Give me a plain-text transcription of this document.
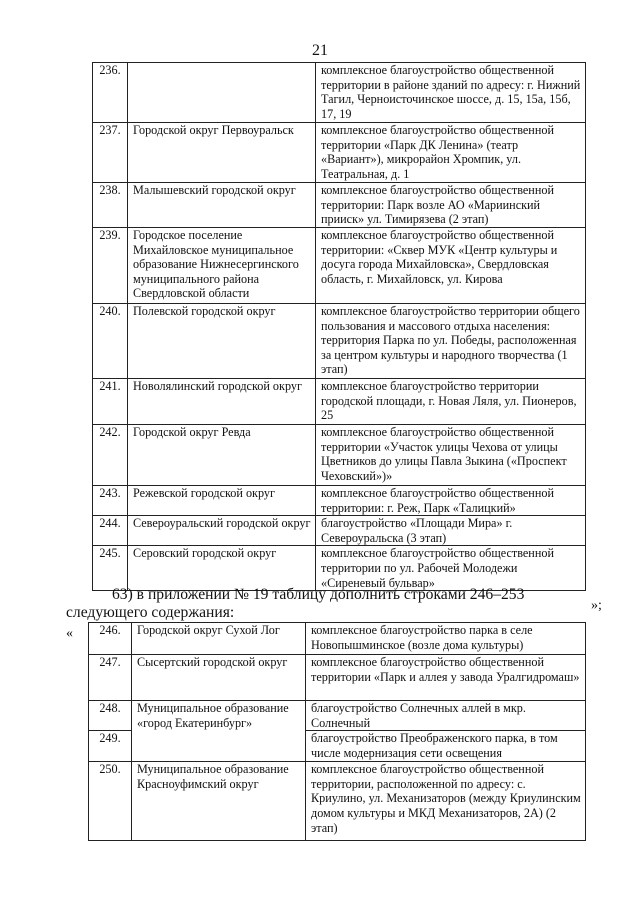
21
236.		комплексное благоустройство общественной территории в районе зданий по адресу: г. Нижний Тагил, Черноисточинское шоссе, д. 15, 15а, 15б, 17, 19
237.	Городской округ Первоуральск	комплексное благоустройство общественной территории «Парк ДК Ленина» (театр «Вариант»), микрорайон Хромпик, ул. Театральная, д. 1
238.	Малышевский городской округ	комплексное благоустройство общественной территории: Парк возле АО «Мариинский прииск» ул. Тимирязева (2 этап)
239.	Городское поселение Михайловское муниципальное образование Нижнесергинского муниципального района Свердловской области	комплексное благоустройство общественной территории: «Сквер МУК «Центр культуры и досуга города Михайловска», Свердловская область, г. Михайловск, ул. Кирова
240.	Полевской городской округ	комплексное благоустройство территории общего пользования и массового отдыха населения: территория Парка по ул. Победы, расположенная за центром культуры и народного творчества (1 этап)
241.	Новолялинский городской округ	комплексное благоустройство территории городской площади, г. Новая Ляля, ул. Пионеров, 25
242.	Городской округ Ревда	комплексное благоустройство общественной территории «Участок улицы Чехова от улицы Цветников до улицы Павла Зыкина («Проспект Чеховский»)»
243.	Режевской городской округ	комплексное благоустройство общественной территории: г. Реж, Парк «Талицкий»
244.	Североуральский городской округ	благоустройство «Площади Мира» г. Североуральска (3 этап)
245.	Серовский городской округ	комплексное благоустройство общественной территории по ул. Рабочей Молодежи «Сиреневый бульвар»
»;
63) в приложении № 19 таблицу дополнить строками 246–253 следующего содержания:
« 246.	Городской округ Сухой Лог	комплексное благоустройство парка в селе Новопышминское (возле дома культуры)
247.	Сысертский городской округ	комплексное благоустройство общественной территории «Парк и аллея у завода Уралгидромаш»
248.	Муниципальное образование «город Екатеринбург»	благоустройство Солнечных аллей в мкр. Солнечный
249.		благоустройство Преображенского парка, в том числе модернизация сети освещения
250.	Муниципальное образование Красноуфимский округ	комплексное благоустройство общественной территории, расположенной по адресу: с. Криулино, ул. Механизаторов (между Криулинским домом культуры и МКД Механизаторов, 2А) (2 этап)
